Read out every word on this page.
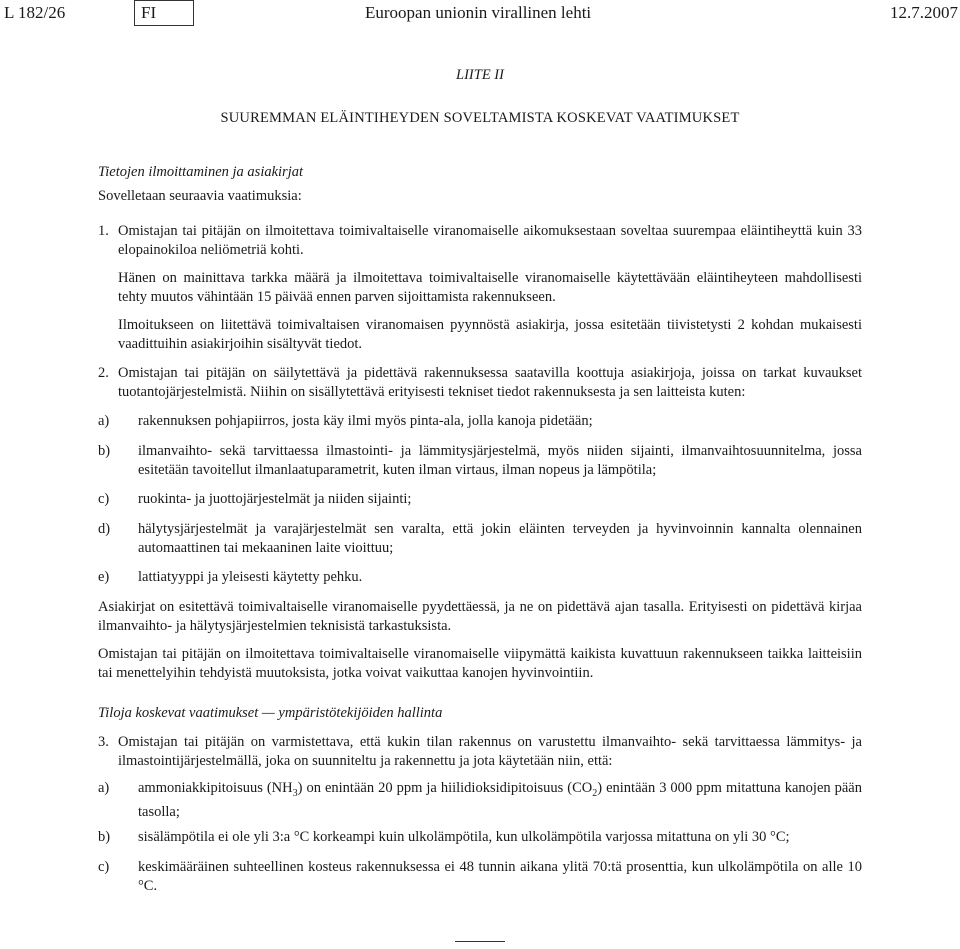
L 182/26	FI	Euroopan unionin virallinen lehti	12.7.2007
LIITE II
SUUREMMAN ELÄINTIHEYDEN SOVELTAMISTA KOSKEVAT VAATIMUKSET
Tietojen ilmoittaminen ja asiakirjat
Sovelletaan seuraavia vaatimuksia:
1. Omistajan tai pitäjän on ilmoitettava toimivaltaiselle viranomaiselle aikomuksestaan soveltaa suurempaa eläintiheyttä kuin 33 elopainokiloa neliömetriä kohti.
Hänen on mainittava tarkka määrä ja ilmoitettava toimivaltaiselle viranomaiselle käytettävään eläintiheyteen mahdollisesti tehty muutos vähintään 15 päivää ennen parven sijoittamista rakennukseen.
Ilmoitukseen on liitettävä toimivaltaisen viranomaisen pyynnöstä asiakirja, jossa esitetään tiivistetysti 2 kohdan mukaisesti vaadittuihin asiakirjoihin sisältyvät tiedot.
2. Omistajan tai pitäjän on säilytettävä ja pidettävä rakennuksessa saatavilla koottuja asiakirjoja, joissa on tarkat kuvaukset tuotantojärjestelmistä. Niihin on sisällytettävä erityisesti tekniset tiedot rakennuksesta ja sen laitteista kuten:
a) rakennuksen pohjapiirros, josta käy ilmi myös pinta-ala, jolla kanoja pidetään;
b) ilmanvaihto- sekä tarvittaessa ilmastointi- ja lämmitysjärjestelmä, myös niiden sijainti, ilmanvaihtosuunnitelma, jossa esitetään tavoitellut ilmanlaatuparametrit, kuten ilman virtaus, ilman nopeus ja lämpötila;
c) ruokinta- ja juottojärjestelmät ja niiden sijainti;
d) hälytysjärjestelmät ja varajärjestelmät sen varalta, että jokin eläinten terveyden ja hyvinvoinnin kannalta olennainen automaattinen tai mekaaninen laite vioittuu;
e) lattiatyyppi ja yleisesti käytetty pehku.
Asiakirjat on esitettävä toimivaltaiselle viranomaiselle pyydettäessä, ja ne on pidettävä ajan tasalla. Erityisesti on pidettävä kirjaa ilmanvaihto- ja hälytysjärjestelmien teknisistä tarkastuksista.
Omistajan tai pitäjän on ilmoitettava toimivaltaiselle viranomaiselle viipymättä kaikista kuvattuun rakennukseen taikka laitteisiin tai menettelyihin tehdyistä muutoksista, jotka voivat vaikuttaa kanojen hyvinvointiin.
Tiloja koskevat vaatimukset — ympäristötekijöiden hallinta
3. Omistajan tai pitäjän on varmistettava, että kukin tilan rakennus on varustettu ilmanvaihto- sekä tarvittaessa lämmitys- ja ilmastointijärjestelmällä, joka on suunniteltu ja rakennettu ja jota käytetään niin, että:
a) ammoniakkipitoisuus $(NH_3)$ on enintään 20 ppm ja hiilidioksidipitoisuus $(CO_2)$ enintään 3 000 ppm mitattuna kanojen pään tasolla;
b) sisälämpötila ei ole yli 3:a °C korkeampi kuin ulkolämpötila, kun ulkolämpötila varjossa mitattuna on yli 30 °C;
c) keskimääräinen suhteellinen kosteus rakennuksessa ei 48 tunnin aikana ylitä 70:tä prosenttia, kun ulkolämpötila on alle 10 °C.
